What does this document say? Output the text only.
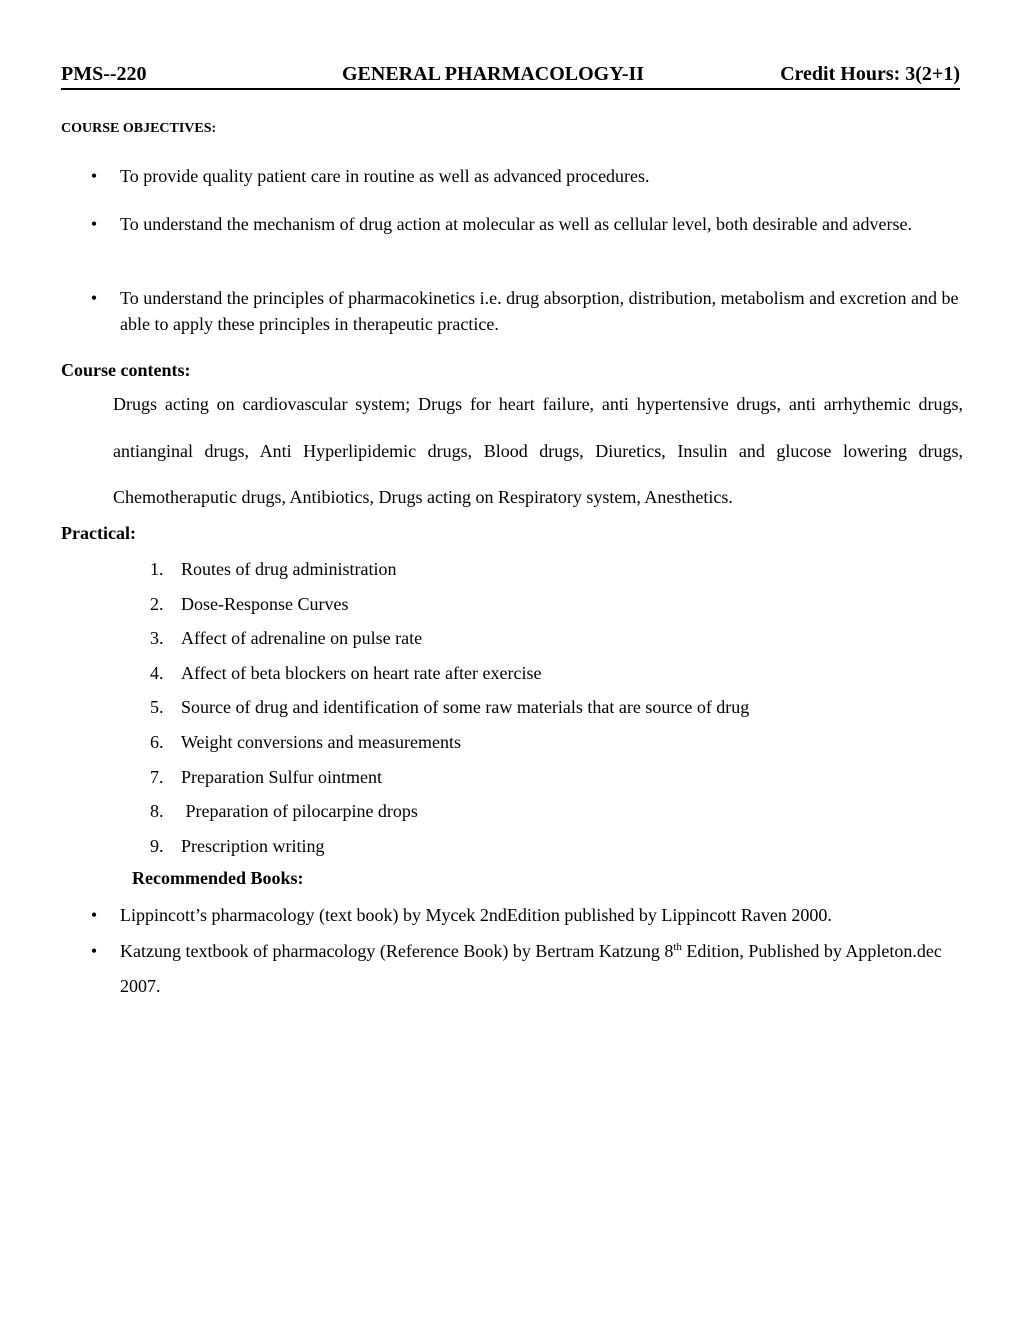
PMS--220	GENERAL PHARMACOLOGY-II	Credit Hours: 3(2+1)
COURSE OBJECTIVES:
• To provide quality patient care in routine as well as advanced procedures.
• To understand the mechanism of drug action at molecular as well as cellular level, both desirable and adverse.
• To understand the principles of pharmacokinetics i.e. drug absorption, distribution, metabolism and excretion and be able to apply these principles in therapeutic practice.
Course contents:
Drugs acting on cardiovascular system; Drugs for heart failure, anti hypertensive drugs, anti arrhythemic drugs, antianginal drugs, Anti Hyperlipidemic drugs, Blood drugs, Diuretics, Insulin and glucose lowering drugs, Chemotheraputic drugs, Antibiotics, Drugs acting on Respiratory system, Anesthetics.
Practical:
1. Routes of drug administration
2. Dose-Response Curves
3. Affect of adrenaline on pulse rate
4. Affect of beta blockers on heart rate after exercise
5. Source of drug and identification of some raw materials that are source of drug
6. Weight conversions and measurements
7. Preparation Sulfur ointment
8. Preparation of pilocarpine drops
9. Prescription writing
Recommended Books:
• Lippincott’s pharmacology (text book) by Mycek 2ndEdition published by Lippincott Raven 2000.
• Katzung textbook of pharmacology (Reference Book) by Bertram Katzung 8th Edition, Published by Appleton.dec 2007.
